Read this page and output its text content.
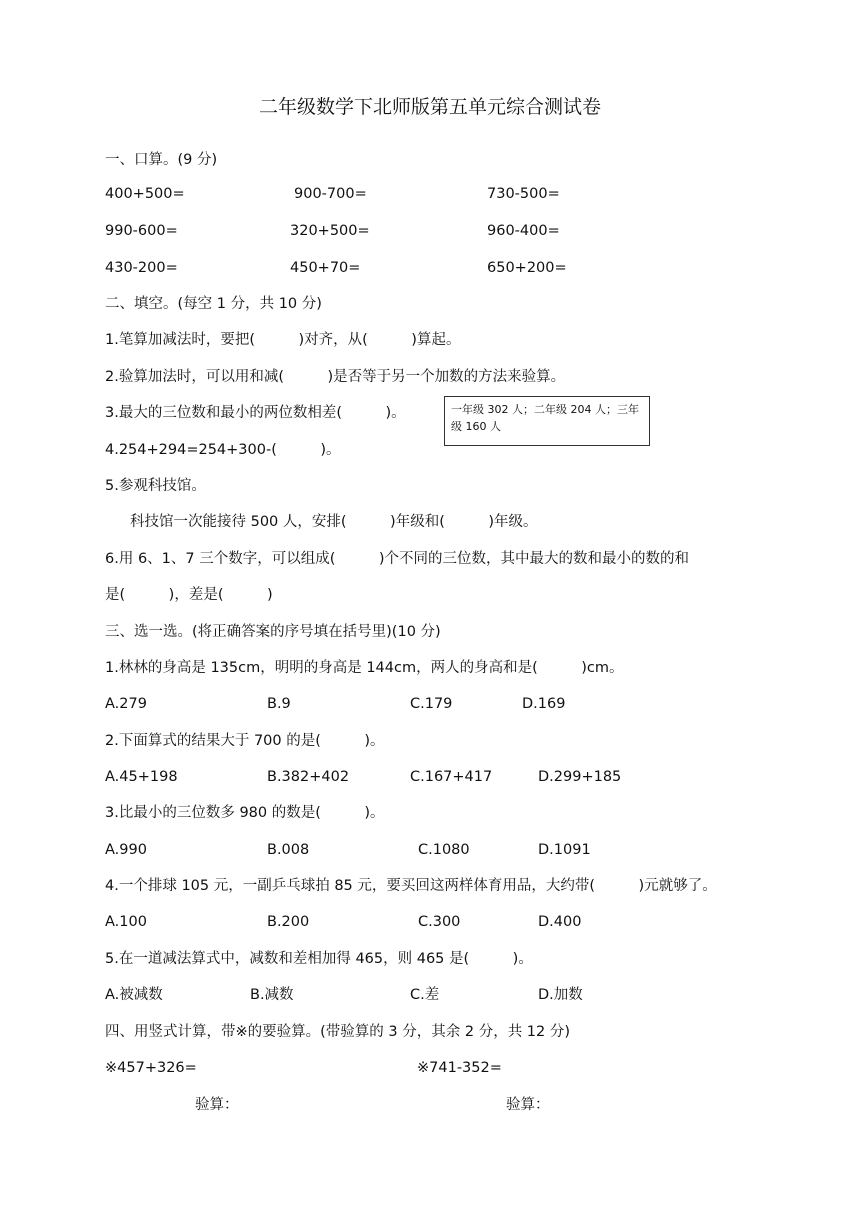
二年级数学下北师版第五单元综合测试卷
一、口算。(9 分)
400+500=	900-700=	730-500=
990-600=	320+500=	960-400=
430-200=	450+70=	650+200=
二、填空。(每空 1 分，共 10 分)
1.笔算加减法时，要把(　　　)对齐，从(　　　)算起。
2.验算加法时，可以用和减(　　　)是否等于另一个加数的方法来验算。
3.最大的三位数和最小的两位数相差(　　　)。	一年级 302 人；二年级 204 人；三年级 160 人
4.254+294=254+300-(　　　)。
5.参观科技馆。
科技馆一次能接待 500 人，安排(　　　)年级和(　　　)年级。
6.用 6、1、7 三个数字，可以组成(　　　)个不同的三位数，其中最大的数和最小的数的和
是(　　　)，差是(　　　)
三、选一选。(将正确答案的序号填在括号里)(10 分)
1.林林的身高是 135cm，明明的身高是 144cm，两人的身高和是(　　　)cm。
A.279	B.9	C.179	D.169
2.下面算式的结果大于 700 的是(　　　)。
A.45+198	B.382+402	C.167+417	D.299+185
3.比最小的三位数多 980 的数是(　　　)。
A.990	B.008	C.1080	D.1091
4.一个排球 105 元，一副乒乓球拍 85 元，要买回这两样体育用品，大约带(　　　)元就够了。
A.100	B.200	C.300	D.400
5.在一道减法算式中，减数和差相加得 465，则 465 是(　　　)。
A.被减数	B.减数	C.差	D.加数
四、用竖式计算，带※的要验算。(带验算的 3 分，其余 2 分，共 12 分)
※457+326=	※741-352=
验算：	验算：
